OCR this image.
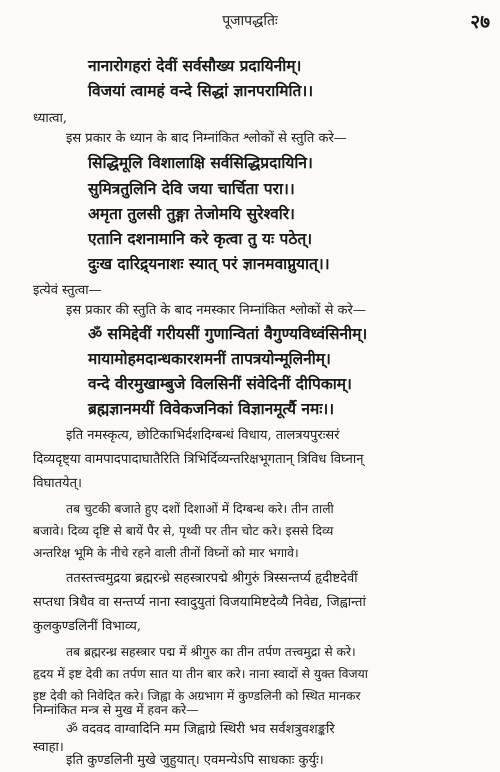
पूजापद्धतिः	२७
नानारोगहरां देवीं सर्वसौख्य प्रदायिनीम्।
विजयां त्वामहं वन्दे सिद्धां ज्ञानपरामिति।।
ध्यात्वा,
इस प्रकार के ध्यान के बाद निम्नांकित श्लोकों से स्तुति करे—
सिद्धिमूलि विशालाक्षि सर्वसिद्धिप्रदायिनि।
सुमित्रतुलिनि देवि जया चार्चिता परा।।
अमृता तुलसी तुङ्गा तेजोमयि सुरेश्वरि।
एतानि दशनामानि करे कृत्वा तु यः पठेत्।
दुःख दारिद्र्यनाशः स्यात् परं ज्ञानमवाप्नुयात्।।
इत्येवं स्तुत्वा—
इस प्रकार की स्तुति के बाद नमस्कार निम्नांकित श्लोकों से करे—
ॐ समिद्देवीं गरीयसीं गुणान्वितां वैगुण्यविध्वंसिनीम्।
मायामोहमदान्धकारशमनीं तापत्रयोन्मूलिनीम्।
वन्दे वीरमुखाम्बुजे विलसिनीं संवेदिनीं दीपिकाम्।
ब्रह्मज्ञानमयीं विवेकजनिकां विज्ञानमूर्त्यै नमः।।
इति नमस्कृत्य, छोटिकाभिर्दशदिग्बन्धं विधाय, तालत्रयपुरःसरं
दिव्यदृष्ट्या वामपादपादाघातैरिति त्रिभिर्दिव्यन्तरिक्षभूगतान् त्रिविध विघ्नान्
विघातयेत्।
तब चुटकी बजाते हुए दशों दिशाओं में दिग्बन्ध करे। तीन ताली
बजावे। दिव्य दृष्टि से बायें पैर से, पृथ्वी पर तीन चोट करे। इससे दिव्य
अन्तरिक्ष भूमि के नीचे रहने वाली तीनों विघ्नों को मार भगावे।
ततस्तत्त्वमुद्रया ब्रह्मरन्ध्रे सहस्त्रारपद्मे श्रीगुरुं त्रिस्सन्तर्प्य हृदीष्टदेवीं
सप्तधा त्रिधैव वा सन्तर्प्य नाना स्वादुयुतां विजयामिष्टदेव्यै निवेद्य, जिह्वान्तां
कुलकुण्डलिनीं विभाव्य,
तब ब्रह्मरन्ध्र सहस्त्रार पद्म में श्रीगुरु का तीन तर्पण तत्त्वमुद्रा से करे।
हृदय में इष्ट देवी का तर्पण सात या तीन बार करे। नाना स्वादों से युक्त विजया
इष्ट देवी को निवेदित करे। जिह्वा के अग्रभाग में कुण्डलिनी को स्थित मानकर
निम्नांकित मन्त्र से मुख में हवन करे—
ॐ वदवद वाग्वादिनि मम जिह्वाग्रे स्थिरी भव सर्वशत्रुवशङ्करि
स्वाहा।
इति कुण्डलिनी मुखे जुहुयात्। एवमन्येऽपि साधकाः कुर्युः।
